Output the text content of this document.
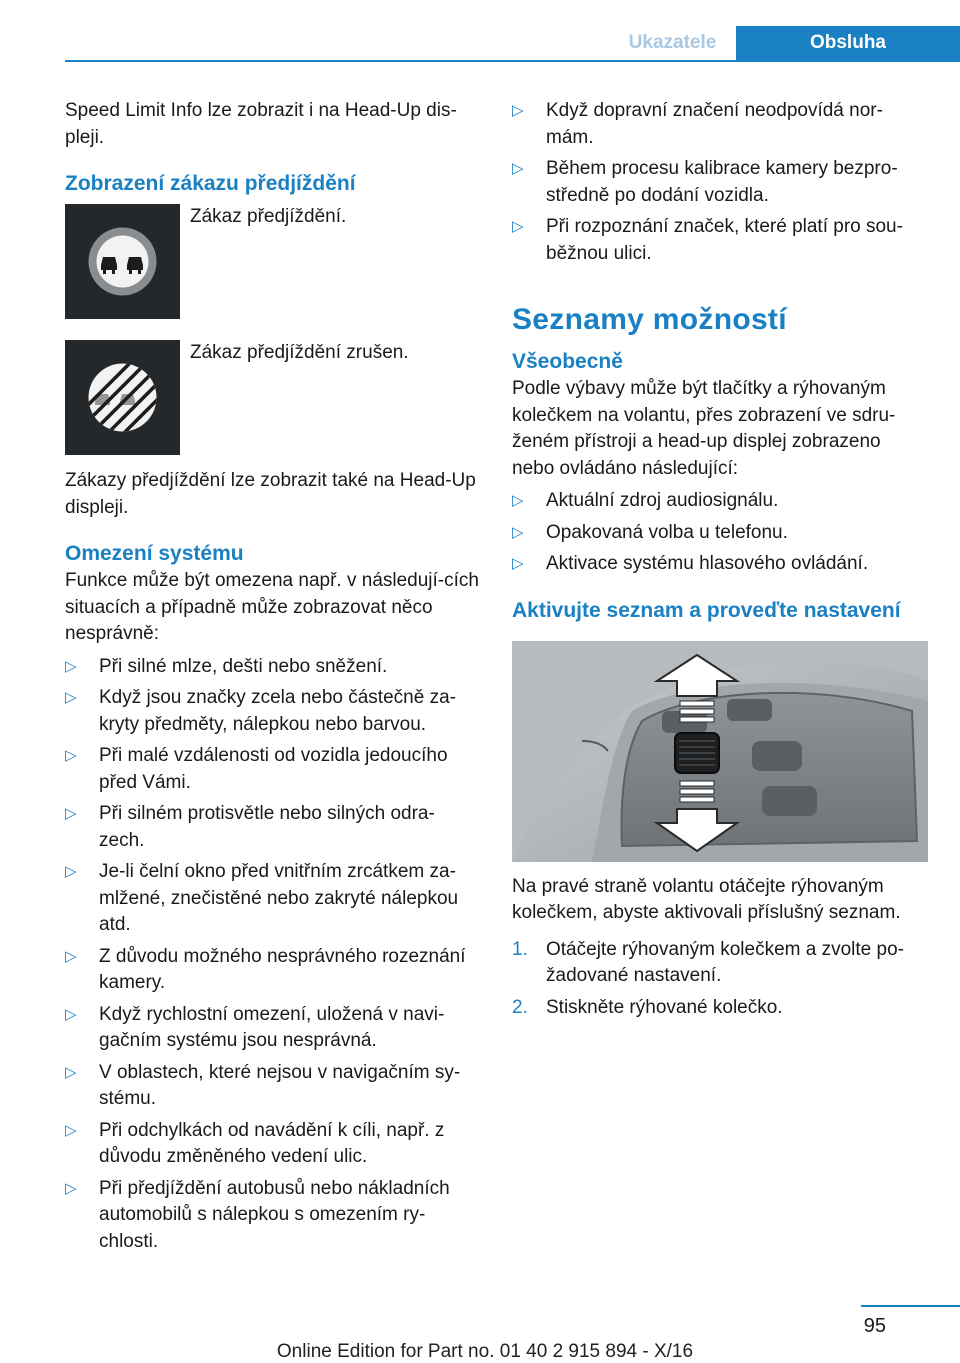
Ukazatele	Obsluha

Speed Limit Info lze zobrazit i na Head-Up dis-pleji.

Zobrazení zákazu předjíždění
Zákaz předjíždění.
Zákaz předjíždění zrušen.

Zákazy předjíždění lze zobrazit také na Head-Up displeji.

Omezení systému

Funkce může být omezena např. v následují-cích situacích a případně může zobrazovat něco nesprávně:

▷ Při silné mlze, dešti nebo sněžení.
▷ Když jsou značky zcela nebo částečně za-kryty předměty, nálepkou nebo barvou.
▷ Při malé vzdálenosti od vozidla jedoucího před Vámi.
▷ Při silném protisvětle nebo silných odra-zech.
▷ Je-li čelní okno před vnitřním zrcátkem za-mlžené, znečistěné nebo zakryté nálepkou atd.
▷ Z důvodu možného nesprávného rozeznání kamery.
▷ Když rychlostní omezení, uložená v navi-gačním systému jsou nesprávná.
▷ V oblastech, které nejsou v navigačním sy-stému.
▷ Při odchylkách od navádění k cíli, např. z důvodu změněného vedení ulic.
▷ Při předjíždění autobusů nebo nákladních automobilů s nálepkou s omezením ry-chlosti.
▷ Když dopravní značení neodpovídá nor-mám.
▷ Během procesu kalibrace kamery bezpro-středně po dodání vozidla.
▷ Při rozpoznání značek, které platí pro sou-běžnou ulici.
Seznamy možností
Všeobecně

Podle výbavy může být tlačítky a rýhovaným kolečkem na volantu, přes zobrazení ve sdru-ženém přístroji a head-up displej zobrazeno nebo ovládáno následující:

▷ Aktuální zdroj audiosignálu.
▷ Opakovaná volba u telefonu.
▷ Aktivace systému hlasového ovládání.
Aktivujte seznam a proveďte nastavení

Na pravé straně volantu otáčejte rýhovaným kolečkem, abyste aktivovali příslušný seznam.

1. Otáčejte rýhovaným kolečkem a zvolte po-žadované nastavení.
2. Stiskněte rýhované kolečko.
95
Online Edition for Part no. 01 40 2 915 894 - X/16
